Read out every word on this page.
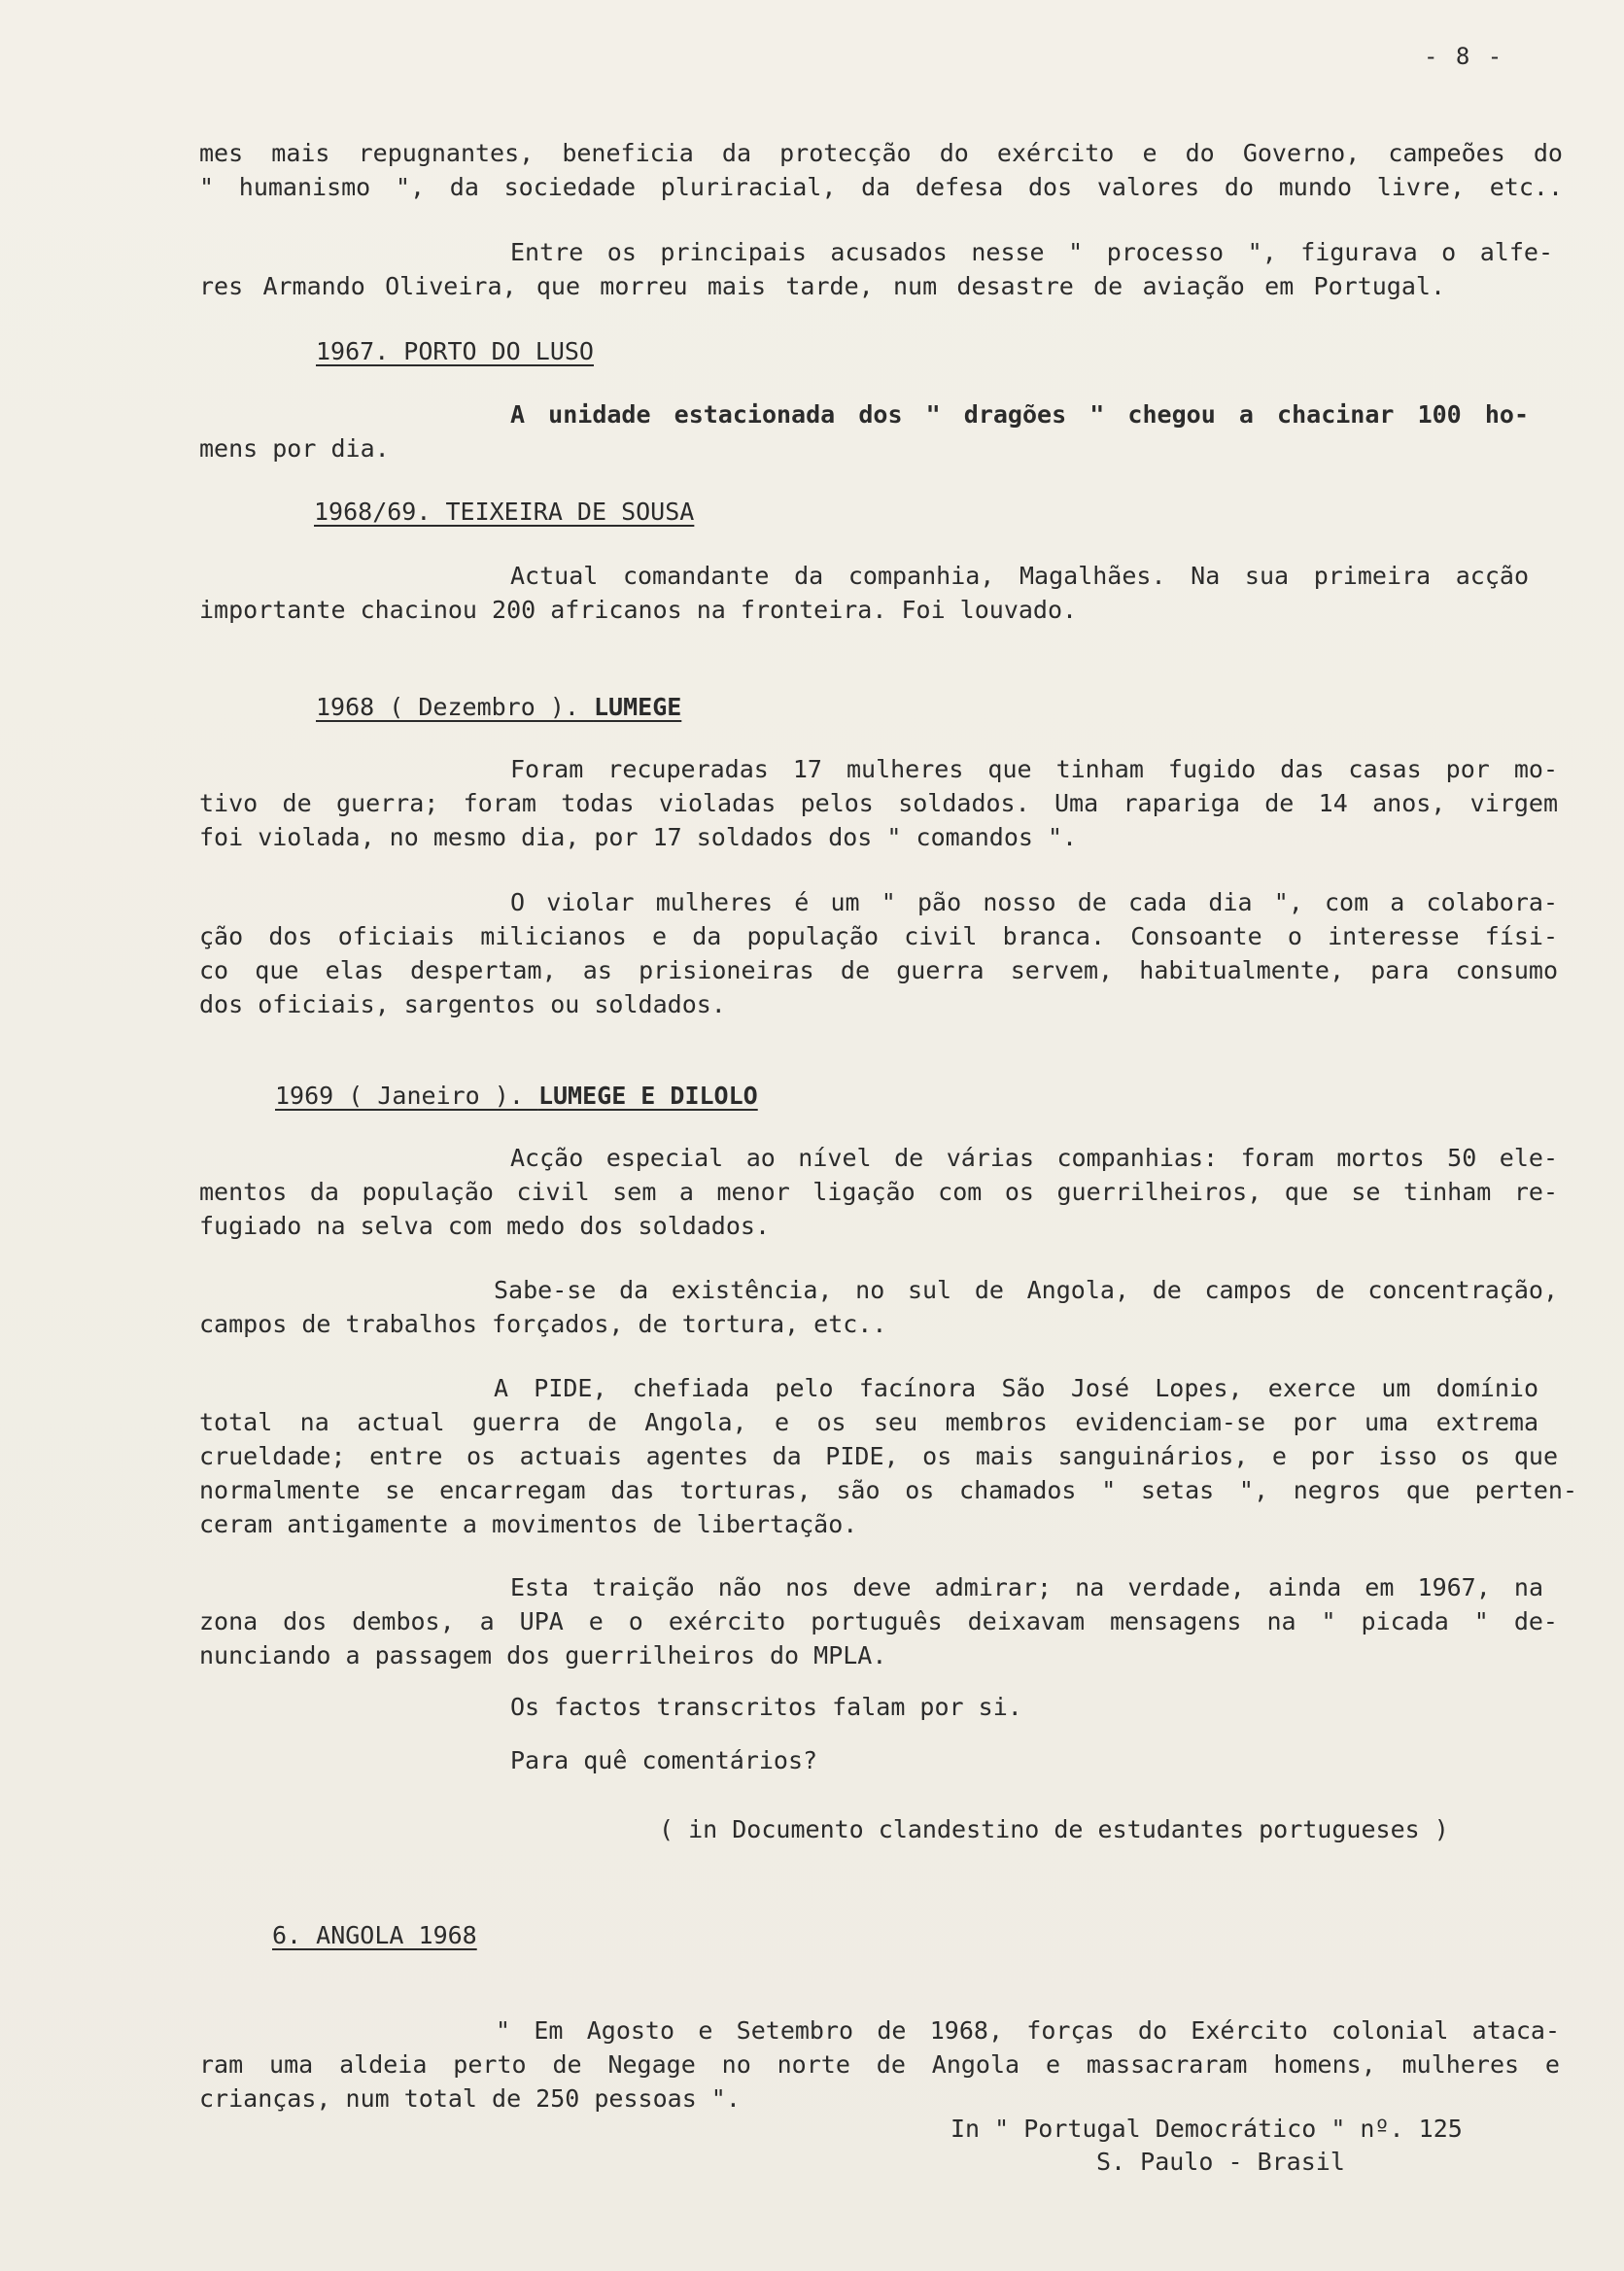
- 8 -
mes mais repugnantes, beneficia da protecção do exército e do Governo, campeões do
" humanismo ", da sociedade pluriracial, da defesa dos valores do mundo livre, etc..
Entre os principais acusados nesse " processo ", figurava o alfe-
res Armando Oliveira, que morreu mais tarde, num desastre de aviação em Portugal.
1967. PORTO DO LUSO
A unidade estacionada dos " dragões " chegou a chacinar 100 ho-
mens por dia.
1968/69. TEIXEIRA DE SOUSA
Actual comandante da companhia, Magalhães. Na sua primeira acção
importante chacinou 200 africanos na fronteira. Foi louvado.
1968 ( Dezembro ). LUMEGE
Foram recuperadas 17 mulheres que tinham fugido das casas por mo-
tivo de guerra; foram todas violadas pelos soldados. Uma rapariga de 14 anos, virgem
foi violada, no mesmo dia, por 17 soldados dos " comandos ".
O violar mulheres é um " pão nosso de cada dia ", com a colabora-
ção dos oficiais milicianos e da população civil branca. Consoante o interesse físi-
co que elas despertam, as prisioneiras de guerra servem, habitualmente, para consumo
dos oficiais, sargentos ou soldados.
1969 ( Janeiro ). LUMEGE E DILOLO
Acção especial ao nível de várias companhias: foram mortos 50 ele-
mentos da população civil sem a menor ligação com os guerrilheiros, que se tinham re-
fugiado na selva com medo dos soldados.
Sabe-se da existência, no sul de Angola, de campos de concentração,
campos de trabalhos forçados, de tortura, etc..
A PIDE, chefiada pelo facínora São José Lopes, exerce um domínio
total na actual guerra de Angola, e os seu membros evidenciam-se por uma extrema
crueldade; entre os actuais agentes da PIDE, os mais sanguinários, e por isso os que
normalmente se encarregam das torturas, são os chamados " setas ", negros que perten-
ceram antigamente a movimentos de libertação.
Esta traição não nos deve admirar; na verdade, ainda em 1967, na
zona dos dembos, a UPA e o exército português deixavam mensagens na " picada " de-
nunciando a passagem dos guerrilheiros do MPLA.
Os factos transcritos falam por si.
Para quê comentários?
( in Documento clandestino de estudantes portugueses )
6. ANGOLA 1968
" Em Agosto e Setembro de 1968, forças do Exército colonial ataca-
ram uma aldeia perto de Negage no norte de Angola e massacraram homens, mulheres e
crianças, num total de 250 pessoas ".
In " Portugal Democrático " nº. 125
S. Paulo - Brasil
